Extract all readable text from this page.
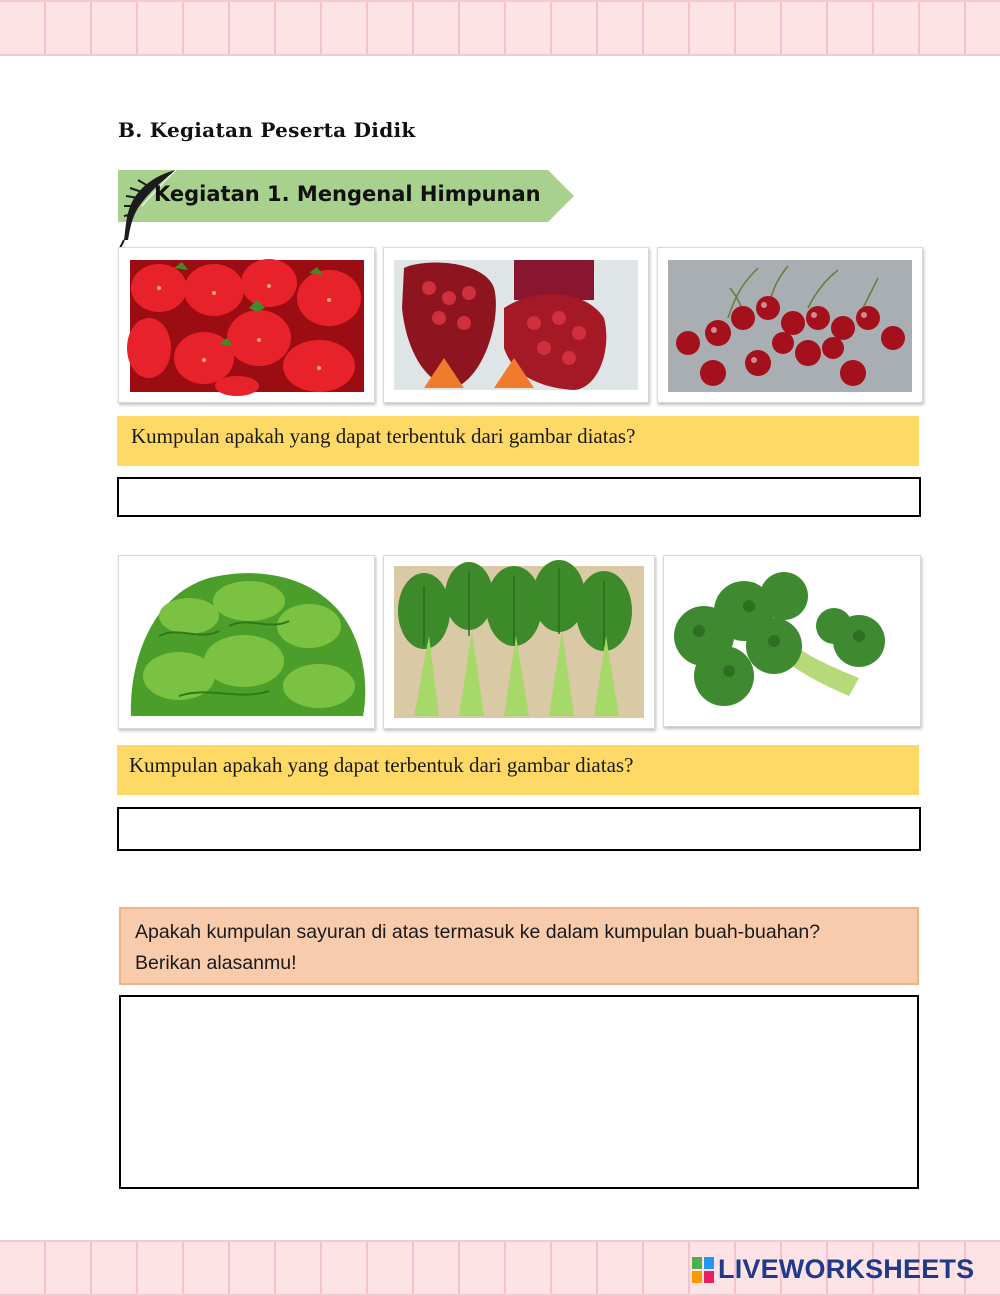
B. Kegiatan Peserta Didik
Kegiatan 1. Mengenal Himpunan
Kumpulan apakah yang dapat terbentuk dari gambar diatas?
Kumpulan apakah yang dapat terbentuk dari gambar diatas?
Apakah kumpulan sayuran di atas termasuk ke dalam kumpulan buah-buahan?
Berikan alasanmu!
LIVEWORKSHEETS
